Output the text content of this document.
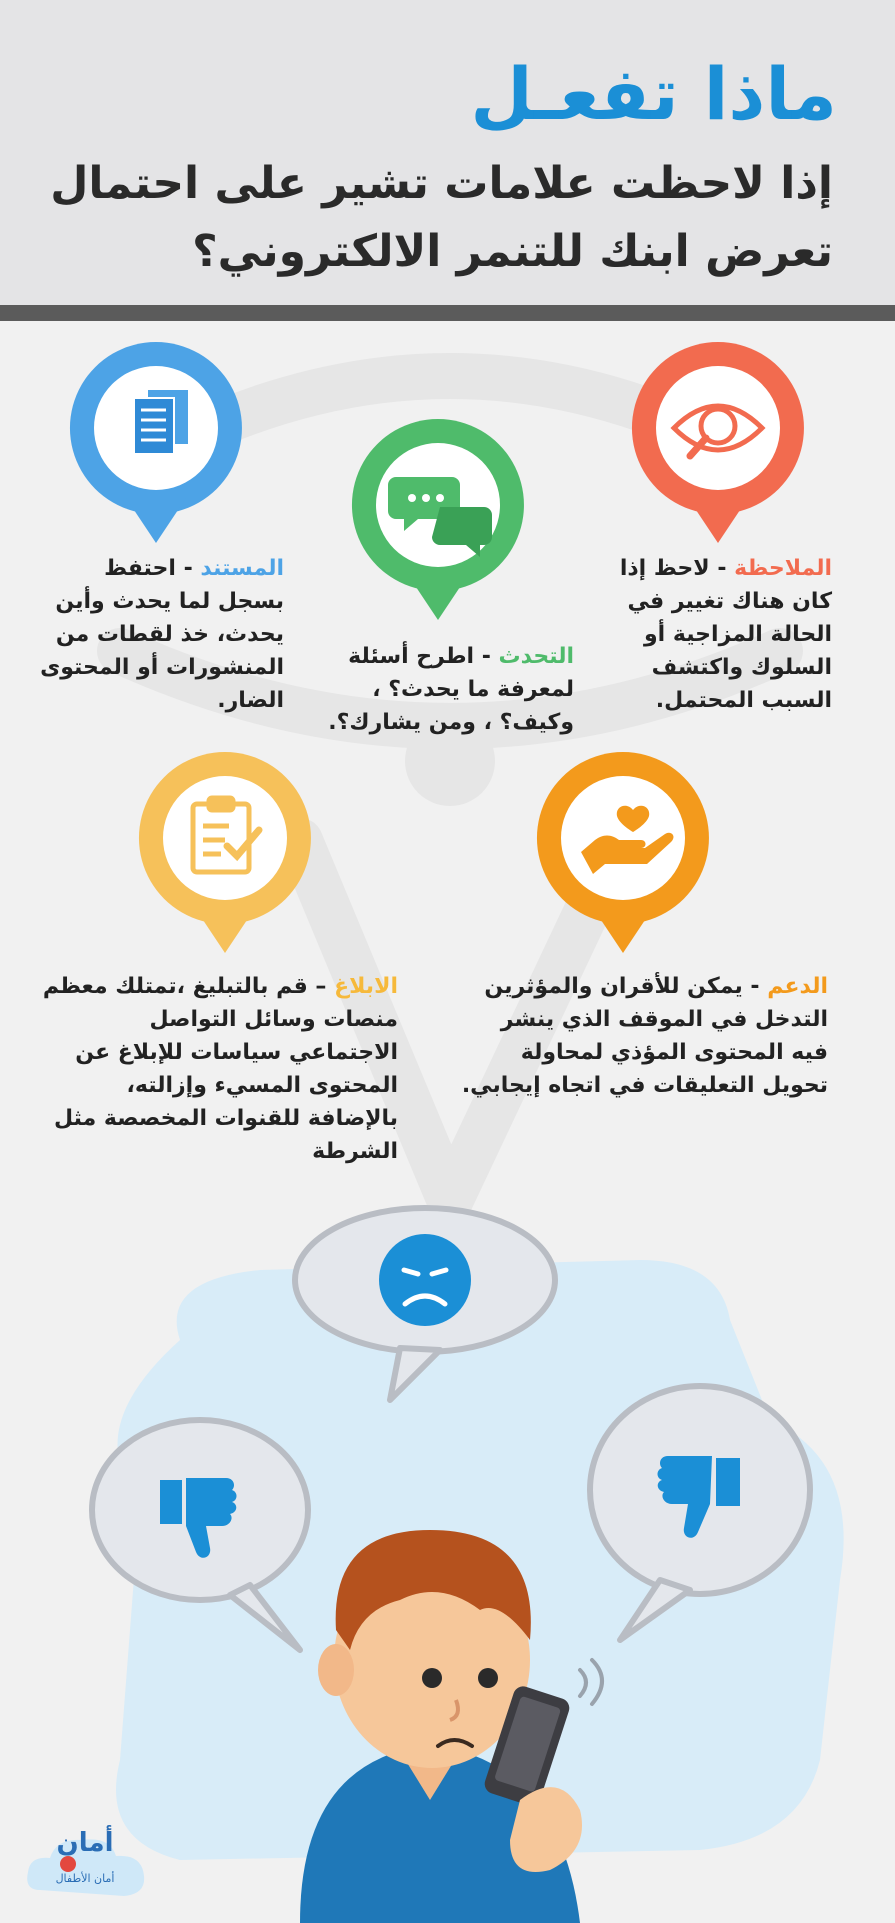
ماذا تفعـل
إذا لاحظت علامات تشير على احتمال
تعرض ابنك للتنمر الالكتروني؟
الملاحظة - لاحظ إذا كان هناك تغيير في الحالة المزاجية أو السلوك واكتشف السبب المحتمل.
التحدث - اطرح أسئلة لمعرفة ما يحدث؟ ، وكيف؟ ، ومن يشارك؟.
المستند - احتفظ بسجل لما يحدث وأين يحدث، خذ لقطات من المنشورات أو المحتوى الضار.
الدعم - يمكن للأقران والمؤثرين التدخل في الموقف الذي ينشر فيه المحتوى المؤذي لمحاولة تحويل التعليقات في اتجاه إيجابي.
الابلاغ – قم بالتبليغ ،تمتلك معظم منصات وسائل التواصل الاجتماعي سياسات للإبلاغ عن المحتوى المسيء وإزالته، بالإضافة للقنوات المخصصة مثل الشرطة
أمان
أمان الأطفال
